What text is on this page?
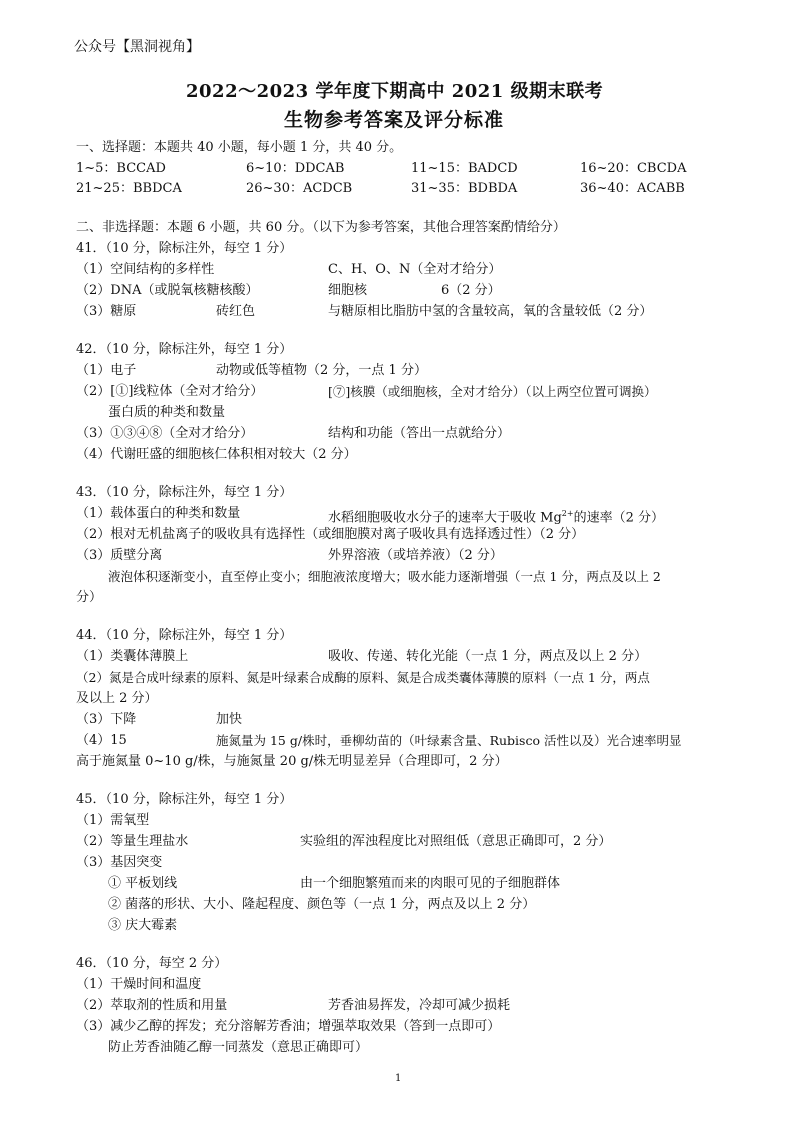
公众号【黑洞视角】
2022～2023 学年度下期高中 2021 级期末联考
生物参考答案及评分标准
一、选择题：本题共 40 小题，每小题 1 分，共 40 分。
1~5：BCCAD	6~10：DDCAB	11~15：BADCD	16~20：CBCDA
21~25：BBDCA	26~30：ACDCB	31~35：BDBDA	36~40：ACABB
二、非选择题：本题 6 小题，共 60 分。（以下为参考答案，其他合理答案酌情给分）
41．（10 分，除标注外，每空 1 分）
（1）空间结构的多样性	C、H、O、N（全对才给分）
（2）DNA（或脱氧核糖核酸）	细胞核	6（2 分）
（3）糖原	砖红色	与糖原相比脂肪中氢的含量较高，氧的含量较低（2 分）
42．（10 分，除标注外，每空 1 分）
（1）电子	动物或低等植物（2 分，一点 1 分）
（2）[①]线粒体（全对才给分）	[⑦]核膜（或细胞核，全对才给分）（以上两空位置可调换）
蛋白质的种类和数量
（3）①③④⑧（全对才给分）	结构和功能（答出一点就给分）
（4）代谢旺盛的细胞核仁体积相对较大（2 分）
43．（10 分，除标注外，每空 1 分）
（1）载体蛋白的种类和数量	水稻细胞吸收水分子的速率大于吸收 $Mg^{2+}$的速率（2 分）
（2）根对无机盐离子的吸收具有选择性（或细胞膜对离子吸收具有选择透过性）（2 分）
（3）质壁分离	外界溶液（或培养液）（2 分）
液泡体积逐渐变小，直至停止变小；细胞液浓度增大；吸水能力逐渐增强（一点 1 分，两点及以上 2
分）
44．（10 分，除标注外，每空 1 分）
（1）类囊体薄膜上	吸收、传递、转化光能（一点 1 分，两点及以上 2 分）
（2）氮是合成叶绿素的原料、氮是叶绿素合成酶的原料、氮是合成类囊体薄膜的原料（一点 1 分，两点
及以上 2 分）
（3）下降	加快
（4）15	施氮量为 15 g/株时，垂柳幼苗的（叶绿素含量、Rubisco 活性以及）光合速率明显
高于施氮量 0~10 g/株，与施氮量 20 g/株无明显差异（合理即可，2 分）
45．（10 分，除标注外，每空 1 分）
（1）需氧型
（2）等量生理盐水	实验组的浑浊程度比对照组低（意思正确即可，2 分）
（3）基因突变
① 平板划线	由一个细胞繁殖而来的肉眼可见的子细胞群体
② 菌落的形状、大小、隆起程度、颜色等（一点 1 分，两点及以上 2 分）
③ 庆大霉素
46．（10 分，每空 2 分）
（1）干燥时间和温度
（2）萃取剂的性质和用量	芳香油易挥发，冷却可减少损耗
（3）减少乙醇的挥发；充分溶解芳香油；增强萃取效果（答到一点即可）
防止芳香油随乙醇一同蒸发（意思正确即可）
1
